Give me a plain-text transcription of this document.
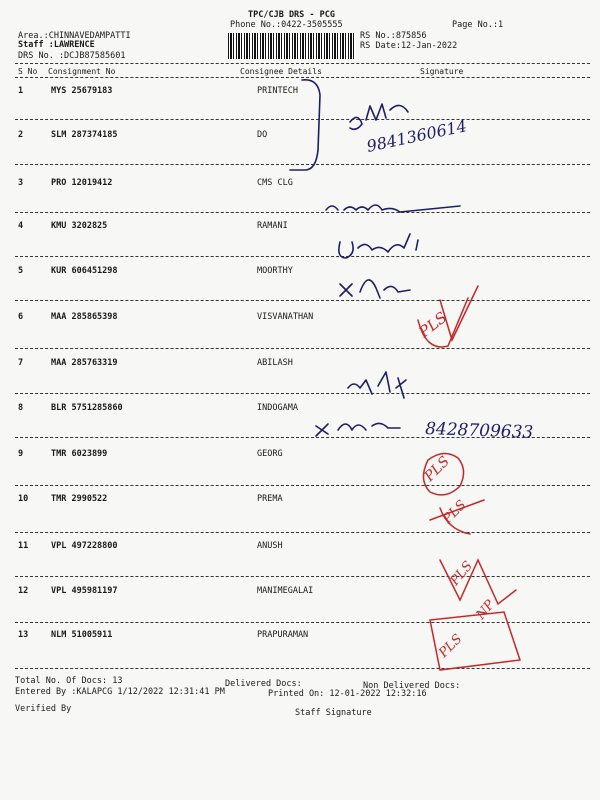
TPC/CJB DRS - PCG
Phone No.:0422-3505555	Page No.:1
Area.:CHINNAVEDAMPATTI
Staff :LAWRENCE
DRS No. :DCJB87585601
RS No.:875856
RS Date:12-Jan-2022
S No Consignment No	Consignee Details	Signature
1	MYS 25679183	PRINTECH
2	SLM 287374185	DO
3	PRO 12019412	CMS CLG
4	KMU 3202825	RAMANI
5	KUR 606451298	MOORTHY
6	MAA 285865398	VISVANATHAN
7	MAA 285763319	ABILASH
8	BLR 5751285860	INDOGAMA
9	TMR 6023899	GEORG
10	TMR 2990522	PREMA
11	VPL 497228800	ANUSH
12	VPL 495981197	MANIMEGALAI
13	NLM 51005911	PRAPURAMAN
Total No. Of Docs: 13	Delivered Docs:	Non Delivered Docs:
Entered By :KALAPCG 1/12/2022 12:31:41 PM	Printed On: 12-01-2022 12:32:16
Verified By	Staff Signature
9841360614
8428709633
PLS
PLS
PLS
PLS
NP
PLS
